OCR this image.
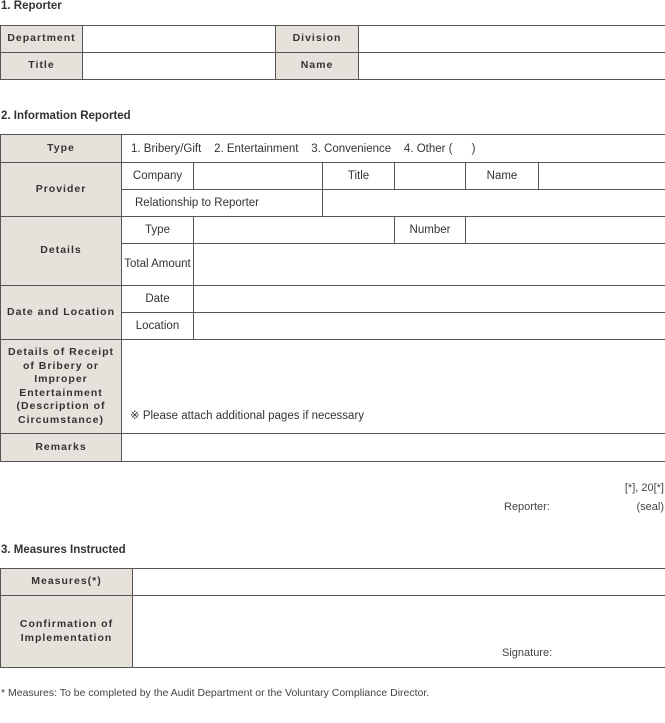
1. Reporter
Department		Division	
Title		Name	
2. Information Reported
Type	1. Bribery/Gift    2. Entertainment    3. Convenience    4. Other (      )					
Provider	Company		Title		Name	
	Relationship to Reporter					
Details	Type			Number		
	Total Amount					
Date and Location	Date					
	Location					
Details of Receipt of Bribery or Improper Entertainment (Description of Circumstance)	※ Please attach additional pages if necessary					
Remarks						
[*], 20[*]
Reporter:	(seal)
3. Measures Instructed
Measures(*)	
Confirmation of Implementation	Signature:
* Measures: To be completed by the Audit Department or the Voluntary Compliance Director.
